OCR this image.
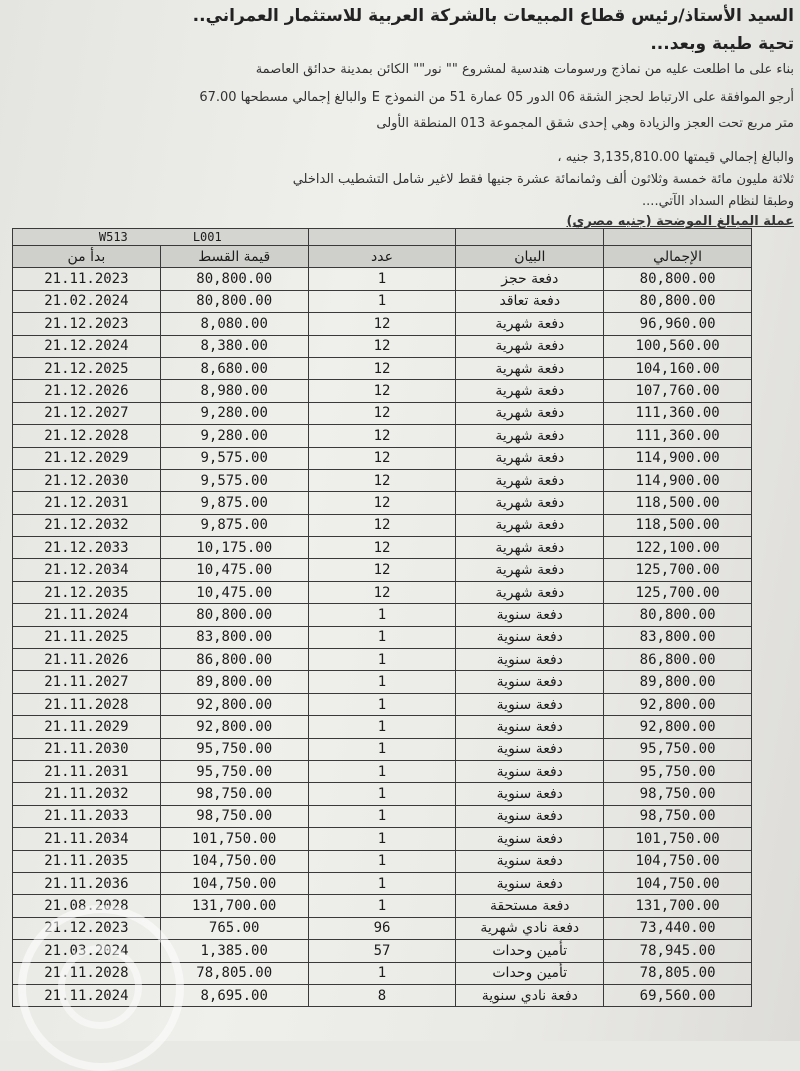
السيد الأستاذ/رئيس قطاع المبيعات بالشركة العربية للاستثمار العمراني..
تحية طيبة وبعد...
بناء على ما اطلعت عليه من نماذج ورسومات هندسية لمشروع "" نور"" الكائن بمدينة حدائق العاصمة
أرجو الموافقة على الارتباط لحجز الشقة 06 الدور 05 عمارة 51 من النموذج E والبالغ إجمالي مسطحها 67.00
متر مربع تحت العجز والزيادة وهي إحدى شقق المجموعة 013 المنطقة الأولى
والبالغ إجمالي قيمتها 3,135,810.00 جنيه ،
ثلاثة مليون مائة خمسة وثلاثون ألف وثمانمائة عشرة جنيها فقط لاغير شامل التشطيب الداخلي
وطبقا لنظام السداد الآتي....
عملة المبالغ الموضحة (جنيه مصري)
W513 L001				
بدأ من	قيمة القسط	عدد	البيان	الإجمالي
21.11.2023	80,800.00	1	دفعة حجز	80,800.00
21.02.2024	80,800.00	1	دفعة تعاقد	80,800.00
21.12.2023	8,080.00	12	دفعة شهرية	96,960.00
21.12.2024	8,380.00	12	دفعة شهرية	100,560.00
21.12.2025	8,680.00	12	دفعة شهرية	104,160.00
21.12.2026	8,980.00	12	دفعة شهرية	107,760.00
21.12.2027	9,280.00	12	دفعة شهرية	111,360.00
21.12.2028	9,280.00	12	دفعة شهرية	111,360.00
21.12.2029	9,575.00	12	دفعة شهرية	114,900.00
21.12.2030	9,575.00	12	دفعة شهرية	114,900.00
21.12.2031	9,875.00	12	دفعة شهرية	118,500.00
21.12.2032	9,875.00	12	دفعة شهرية	118,500.00
21.12.2033	10,175.00	12	دفعة شهرية	122,100.00
21.12.2034	10,475.00	12	دفعة شهرية	125,700.00
21.12.2035	10,475.00	12	دفعة شهرية	125,700.00
21.11.2024	80,800.00	1	دفعة سنوية	80,800.00
21.11.2025	83,800.00	1	دفعة سنوية	83,800.00
21.11.2026	86,800.00	1	دفعة سنوية	86,800.00
21.11.2027	89,800.00	1	دفعة سنوية	89,800.00
21.11.2028	92,800.00	1	دفعة سنوية	92,800.00
21.11.2029	92,800.00	1	دفعة سنوية	92,800.00
21.11.2030	95,750.00	1	دفعة سنوية	95,750.00
21.11.2031	95,750.00	1	دفعة سنوية	95,750.00
21.11.2032	98,750.00	1	دفعة سنوية	98,750.00
21.11.2033	98,750.00	1	دفعة سنوية	98,750.00
21.11.2034	101,750.00	1	دفعة سنوية	101,750.00
21.11.2035	104,750.00	1	دفعة سنوية	104,750.00
21.11.2036	104,750.00	1	دفعة سنوية	104,750.00
21.08.2028	131,700.00	1	دفعة مستحقة	131,700.00
21.12.2023	765.00	96	دفعة نادي شهرية	73,440.00
21.03.2024	1,385.00	57	تأمين وحدات	78,945.00
21.11.2028	78,805.00	1	تأمين وحدات	78,805.00
21.11.2024	8,695.00	8	دفعة نادي سنوية	69,560.00
